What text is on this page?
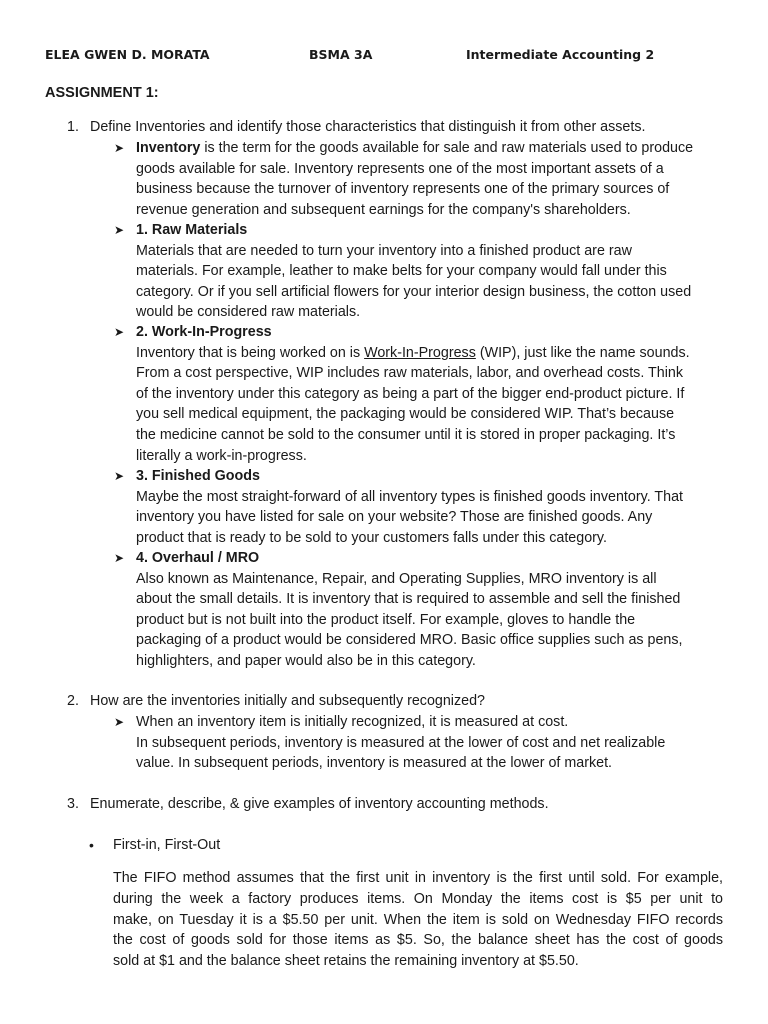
ELEA GWEN D. MORATA	BSMA 3A	Intermediate Accounting 2
ASSIGNMENT 1:
1. Define Inventories and identify those characteristics that distinguish it from other assets.
➤ Inventory is the term for the goods available for sale and raw materials used to produce
goods available for sale. Inventory represents one of the most important assets of a
business because the turnover of inventory represents one of the primary sources of
revenue generation and subsequent earnings for the company's shareholders.
➤ 1. Raw Materials
Materials that are needed to turn your inventory into a finished product are raw
materials. For example, leather to make belts for your company would fall under this
category. Or if you sell artificial flowers for your interior design business, the cotton used
would be considered raw materials.
➤ 2. Work-In-Progress
Inventory that is being worked on is Work-In-Progress (WIP), just like the name sounds.
From a cost perspective, WIP includes raw materials, labor, and overhead costs. Think
of the inventory under this category as being a part of the bigger end-product picture. If
you sell medical equipment, the packaging would be considered WIP. That’s because
the medicine cannot be sold to the consumer until it is stored in proper packaging. It’s
literally a work-in-progress.
➤ 3. Finished Goods
Maybe the most straight-forward of all inventory types is finished goods inventory. That
inventory you have listed for sale on your website? Those are finished goods. Any
product that is ready to be sold to your customers falls under this category.
➤ 4. Overhaul / MRO
Also known as Maintenance, Repair, and Operating Supplies, MRO inventory is all
about the small details. It is inventory that is required to assemble and sell the finished
product but is not built into the product itself. For example, gloves to handle the
packaging of a product would be considered MRO. Basic office supplies such as pens,
highlighters, and paper would also be in this category.
2. How are the inventories initially and subsequently recognized?
➤ When an inventory item is initially recognized, it is measured at cost.
In subsequent periods, inventory is measured at the lower of cost and net realizable
value. In subsequent periods, inventory is measured at the lower of market.
3. Enumerate, describe, & give examples of inventory accounting methods.
• First-in, First-Out
The FIFO method assumes that the first unit in inventory is the first until sold. For example,
during the week a factory produces items. On Monday the items cost is $5 per unit to
make, on Tuesday it is a $5.50 per unit. When the item is sold on Wednesday FIFO records
the cost of goods sold for those items as $5. So, the balance sheet has the cost of goods
sold at $1 and the balance sheet retains the remaining inventory at $5.50.
